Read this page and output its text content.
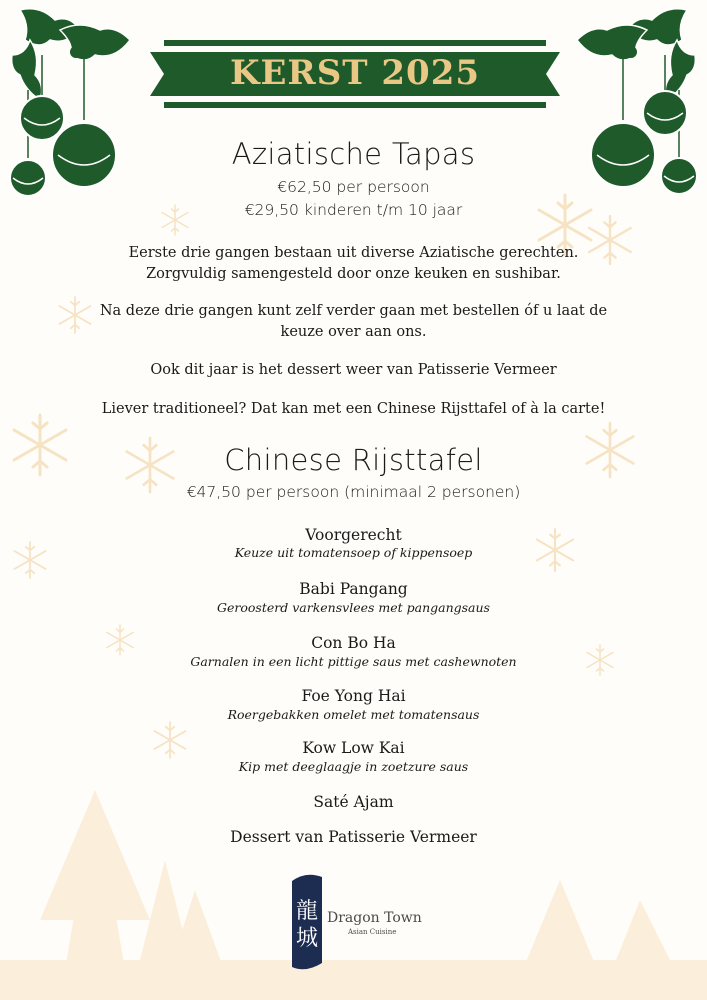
KERST 2025
Aziatische Tapas
€62,50 per persoon
€29,50 kinderen t/m 10 jaar
Eerste drie gangen bestaan uit diverse Aziatische gerechten.
Zorgvuldig samengesteld door onze keuken en sushibar.
Na deze drie gangen kunt zelf verder gaan met bestellen óf u laat de
keuze over aan ons.
Ook dit jaar is het dessert weer van Patisserie Vermeer
Liever traditioneel? Dat kan met een Chinese Rijsttafel of à la carte!
Chinese Rijsttafel
€47,50 per persoon (minimaal 2 personen)
Voorgerecht
Keuze uit tomatensoep of kippensoep
Babi Pangang
Geroosterd varkensvlees met pangangsaus
Con Bo Ha
Garnalen in een licht pittige saus met cashewnoten
Foe Yong Hai
Roergebakken omelet met tomatensaus
Kow Low Kai
Kip met deeglaagje in zoetzure saus
Saté Ajam
Dessert van Patisserie Vermeer
龍
城
Dragon Town
Asian Cuisine
